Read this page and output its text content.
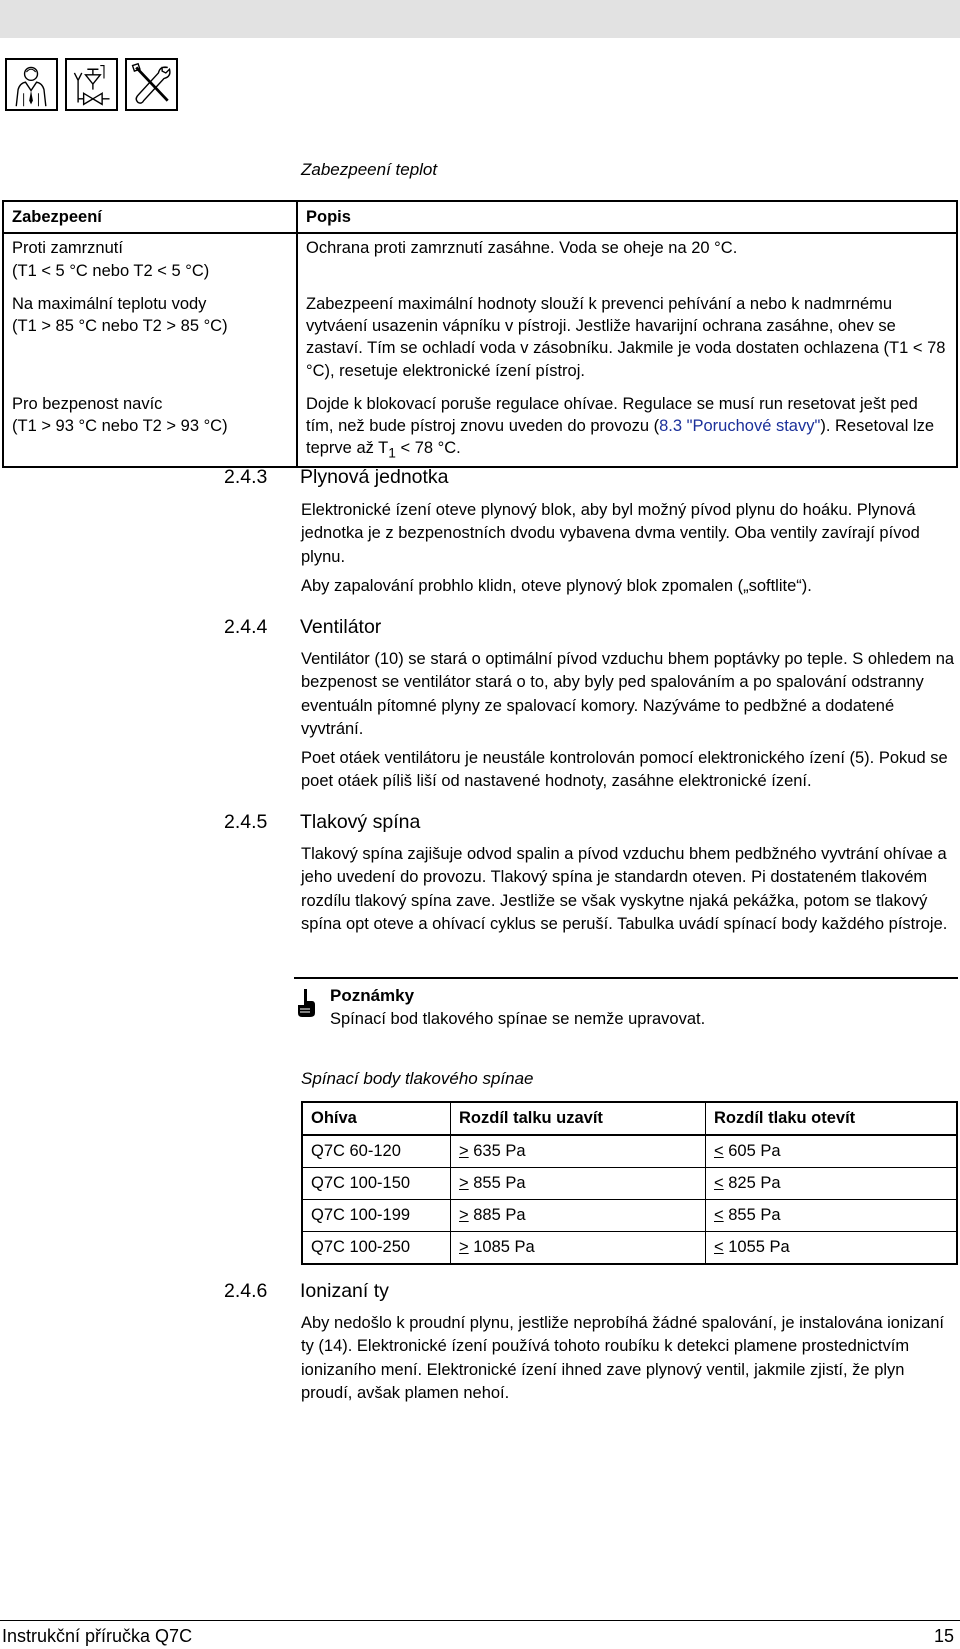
Zabezpeení teplot
Zabezpeení	Popis
Proti zamrznutí
(T1 < 5 °C nebo T2 < 5 °C)	Ochrana proti zamrznutí zasáhne. Voda se oheje na 20 °C.
Na maximální teplotu vody
(T1 > 85 °C nebo T2 > 85 °C)	Zabezpeení maximální hodnoty slouží k prevenci pehívání a nebo k nadmrnému vytváení usazenin vápníku v pístroji. Jestliže havarijní ochrana zasáhne, ohev se zastaví. Tím se ochladí voda v zásobníku. Jakmile je voda dostaten ochlazena (T1 < 78 °C), resetuje elektronické ízení pístroj.
Pro bezpenost navíc
(T1 > 93 °C nebo T2 > 93 °C)	Dojde k blokovací poruše regulace ohívae. Regulace se musí run resetovat ješt ped tím, než bude pístroj znovu uveden do provozu (8.3 "Poruchové stavy"). Resetoval lze teprve až $T_1 < 78$ °C.
2.4.3 Plynová jednotka

Elektronické ízení oteve plynový blok, aby byl možný pívod plynu do hoáku. Plynová jednotka je z bezpenostních dvodu vybavena dvma ventily. Oba ventily zavírají pívod plynu.

Aby zapalování probhlo klidn, oteve plynový blok zpomalen („softlite“).

2.4.4 Ventilátor

Ventilátor (10) se stará o optimální pívod vzduchu bhem poptávky po teple. S ohledem na bezpenost se ventilátor stará o to, aby byly ped spalováním a po spalování odstranny eventuáln pítomné plyny ze spalovací komory. Nazýváme to pedbžné a dodatené vyvtrání.

Poet otáek ventilátoru je neustále kontrolován pomocí elektronického ízení (5). Pokud se poet otáek píliš liší od nastavené hodnoty, zasáhne elektronické ízení.

2.4.5 Tlakový spína

Tlakový spína zajišuje odvod spalin a pívod vzduchu bhem pedbžného vyvtrání ohívae a jeho uvedení do provozu. Tlakový spína je standardn oteven. Pi dostateném tlakovém rozdílu tlakový spína zave. Jestliže se však vyskytne njaká pekážka, potom se tlakový spína opt oteve a ohívací cyklus se peruší. Tabulka uvádí spínací body každého pístroje.

Poznámky
Spínací bod tlakového spínae se nemže upravovat.
Spínací body tlakového spínae
Ohívа	Rozdíl talku uzavít	Rozdíl tlaku otevít
Q7C 60-120	> 635 Pa	< 605 Pa
Q7C 100-150	> 855 Pa	< 825 Pa
Q7C 100-199	> 885 Pa	< 855 Pa
Q7C 100-250	> 1085 Pa	< 1055 Pa
2.4.6 Ionizaní ty

Aby nedošlo k proudní plynu, jestliže neprobíhá žádné spalování, je instalována ionizaní ty (14). Elektronické ízení používá tohoto roubíku k detekci plamene prostednictvím ionizaního mení. Elektronické ízení ihned zave plynový ventil, jakmile zjistí, že plyn proudí, avšak plamen nehoí.

Instrukční příručka Q7C	15
